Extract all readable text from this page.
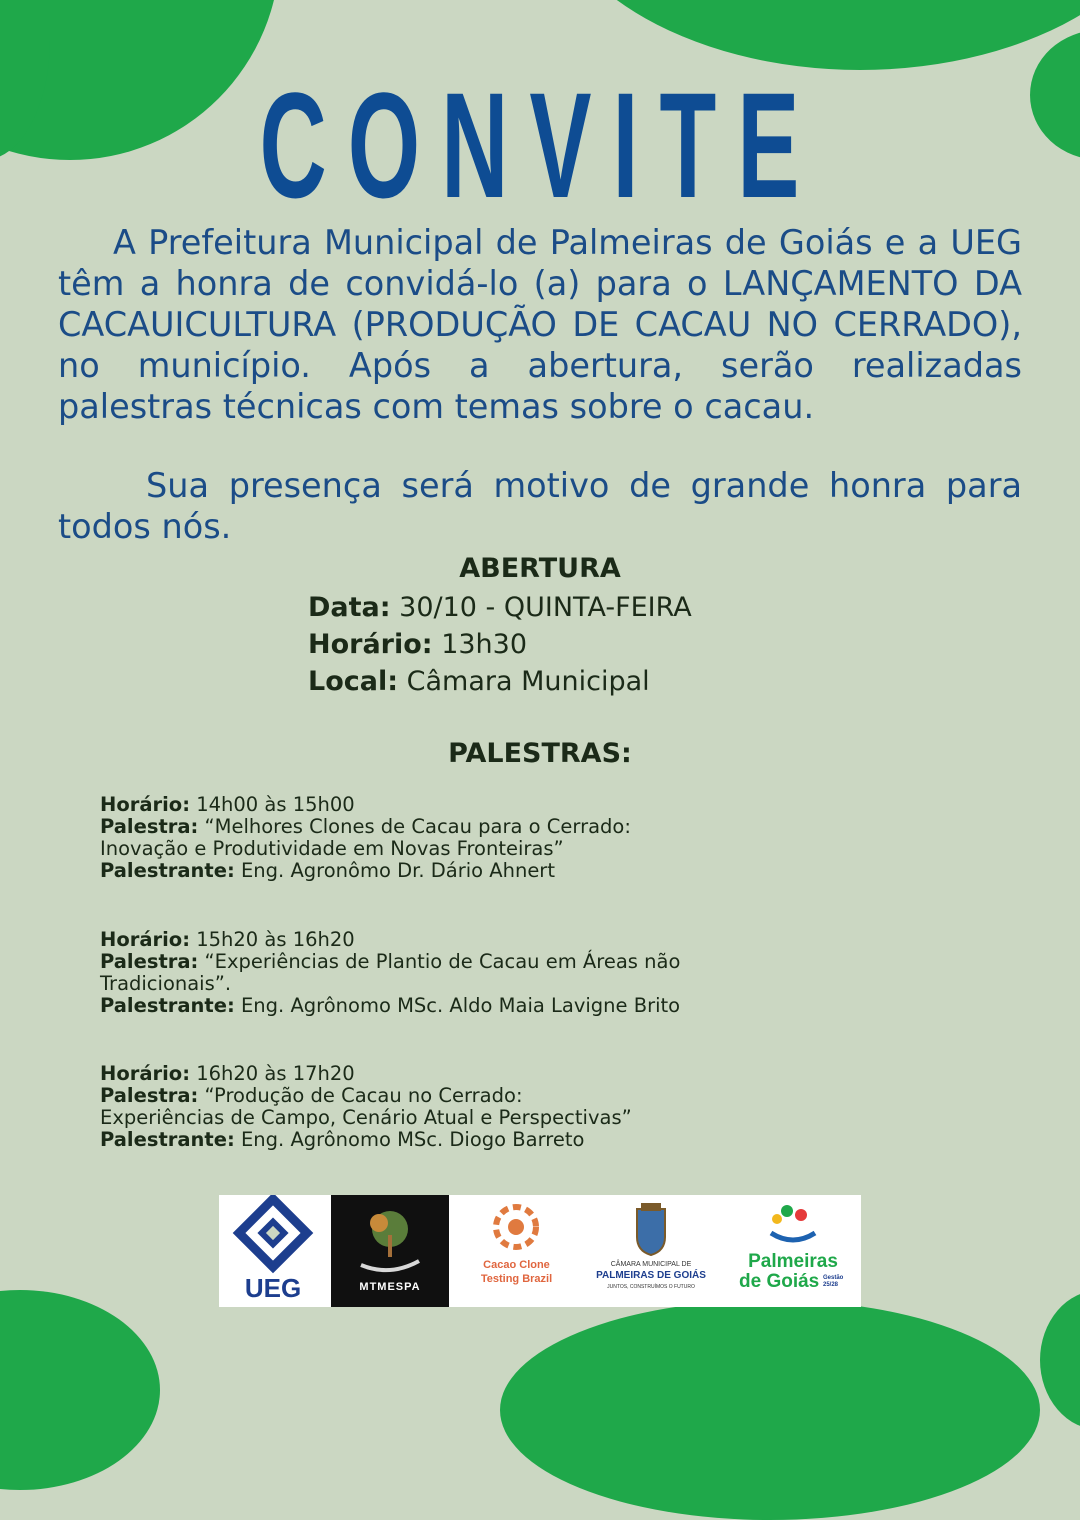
CONVITE
A Prefeitura Municipal de Palmeiras de Goiás e a UEG têm a honra de convidá-lo (a) para o LANÇAMENTO DA CACAUICULTURA (PRODUÇÃO DE CACAU NO CERRADO), no município. Após a abertura, serão realizadas palestras técnicas com temas sobre o cacau.
Sua presença será motivo de grande honra para todos nós.
ABERTURA
Data: 30/10 - QUINTA-FEIRA
Horário: 13h30
Local: Câmara Municipal
PALESTRAS:
Horário: 14h00 às 15h00
Palestra: “Melhores Clones de Cacau para o Cerrado:
Inovação e Produtividade em Novas Fronteiras”
Palestrante: Eng. Agronômo Dr. Dário Ahnert
Horário: 15h20 às 16h20
Palestra: “Experiências de Plantio de Cacau em Áreas não
Tradicionais”.
Palestrante: Eng. Agrônomo MSc. Aldo Maia Lavigne Brito
Horário: 16h20 às 17h20
Palestra: “Produção de Cacau no Cerrado:
Experiências de Campo, Cenário Atual e Perspectivas”
Palestrante: Eng. Agrônomo MSc. Diogo Barreto
UEG	MTMESPA
Cacao Clone
Testing Brazil
CÂMARA MUNICIPAL DE
PALMEIRAS DE GOIÁS
JUNTOS, CONSTRUÍMOS O FUTURO
Palmeiras
de Goiás Gestão 25/28
